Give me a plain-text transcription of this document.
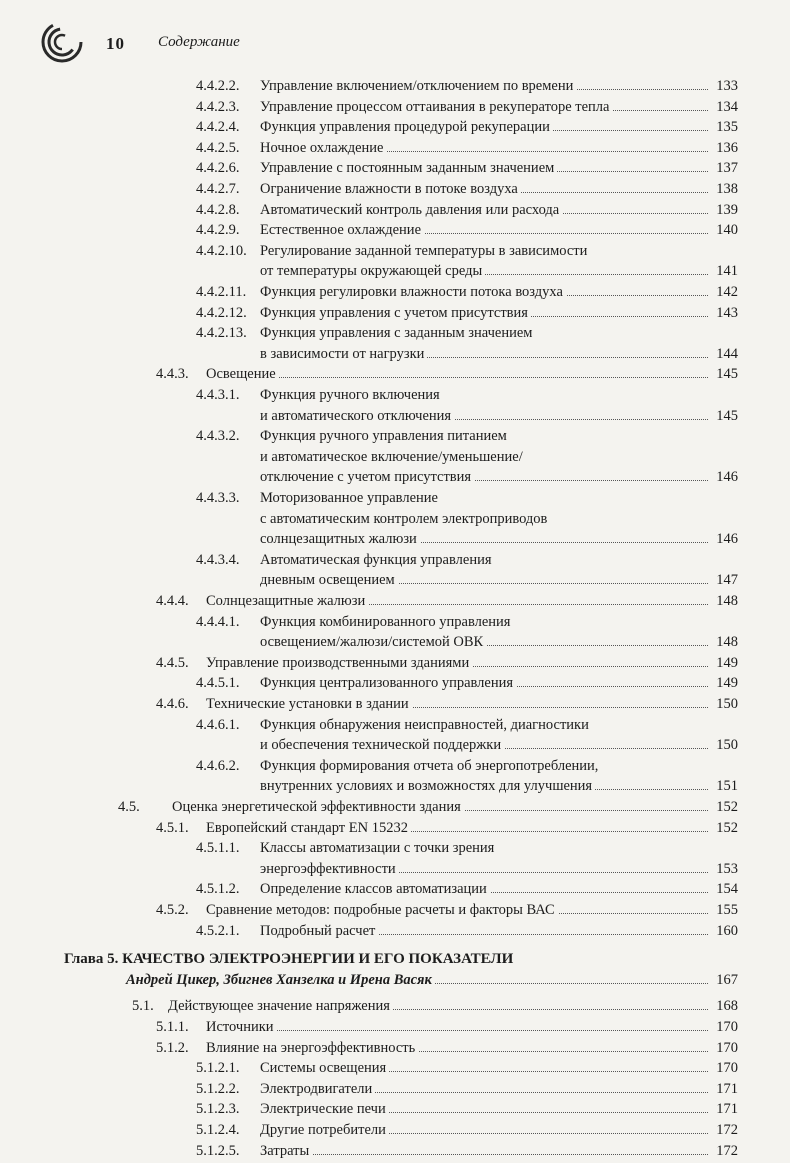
10 Содержание
4.4.2.2. Управление включением/отключением по времени	133
4.4.2.3. Управление процессом оттаивания в рекуператоре тепла	134
4.4.2.4. Функция управления процедурой рекуперации	135
4.4.2.5. Ночное охлаждение	136
4.4.2.6. Управление с постоянным заданным значением	137
4.4.2.7. Ограничение влажности в потоке воздуха	138
4.4.2.8. Автоматический контроль давления или расхода	139
4.4.2.9. Естественное охлаждение	140
4.4.2.10. Регулирование заданной температуры в зависимости
от температуры окружающей среды	141
4.4.2.11. Функция регулировки влажности потока воздуха	142
4.4.2.12. Функция управления с учетом присутствия	143
4.4.2.13. Функция управления с заданным значением
в зависимости от нагрузки	144
4.4.3. Освещение	145
4.4.3.1. Функция ручного включения
и автоматического отключения	145
4.4.3.2. Функция ручного управления питанием
и автоматическое включение/уменьшение/
отключение с учетом присутствия	146
4.4.3.3. Моторизованное управление
с автоматическим контролем электроприводов
солнцезащитных жалюзи	146
4.4.3.4. Автоматическая функция управления
дневным освещением	147
4.4.4. Солнцезащитные жалюзи	148
4.4.4.1. Функция комбинированного управления
освещением/жалюзи/системой ОВК	148
4.4.5. Управление производственными зданиями	149
4.4.5.1. Функция централизованного управления	149
4.4.6. Технические установки в здании	150
4.4.6.1. Функция обнаружения неисправностей, диагностики
и обеспечения технической поддержки	150
4.4.6.2. Функция формирования отчета об энергопотреблении,
внутренних условиях и возможностях для улучшения	151
4.5. Оценка энергетической эффективности здания	152
4.5.1. Европейский стандарт EN 15232	152
4.5.1.1. Классы автоматизации с точки зрения
энергоэффективности	153
4.5.1.2. Определение классов автоматизации	154
4.5.2. Сравнение методов: подробные расчеты и факторы ВАС	155
4.5.2.1. Подробный расчет	160
Глава 5. КАЧЕСТВО ЭЛЕКТРОЭНЕРГИИ И ЕГО ПОКАЗАТЕЛИ
Андрей Цикер, Збигнев Ханзелка и Ирена Васяк	167
5.1. Действующее значение напряжения	168
5.1.1. Источники	170
5.1.2. Влияние на энергоэффективность	170
5.1.2.1. Системы освещения	170
5.1.2.2. Электродвигатели	171
5.1.2.3. Электрические печи	171
5.1.2.4. Другие потребители	172
5.1.2.5. Затраты	172
